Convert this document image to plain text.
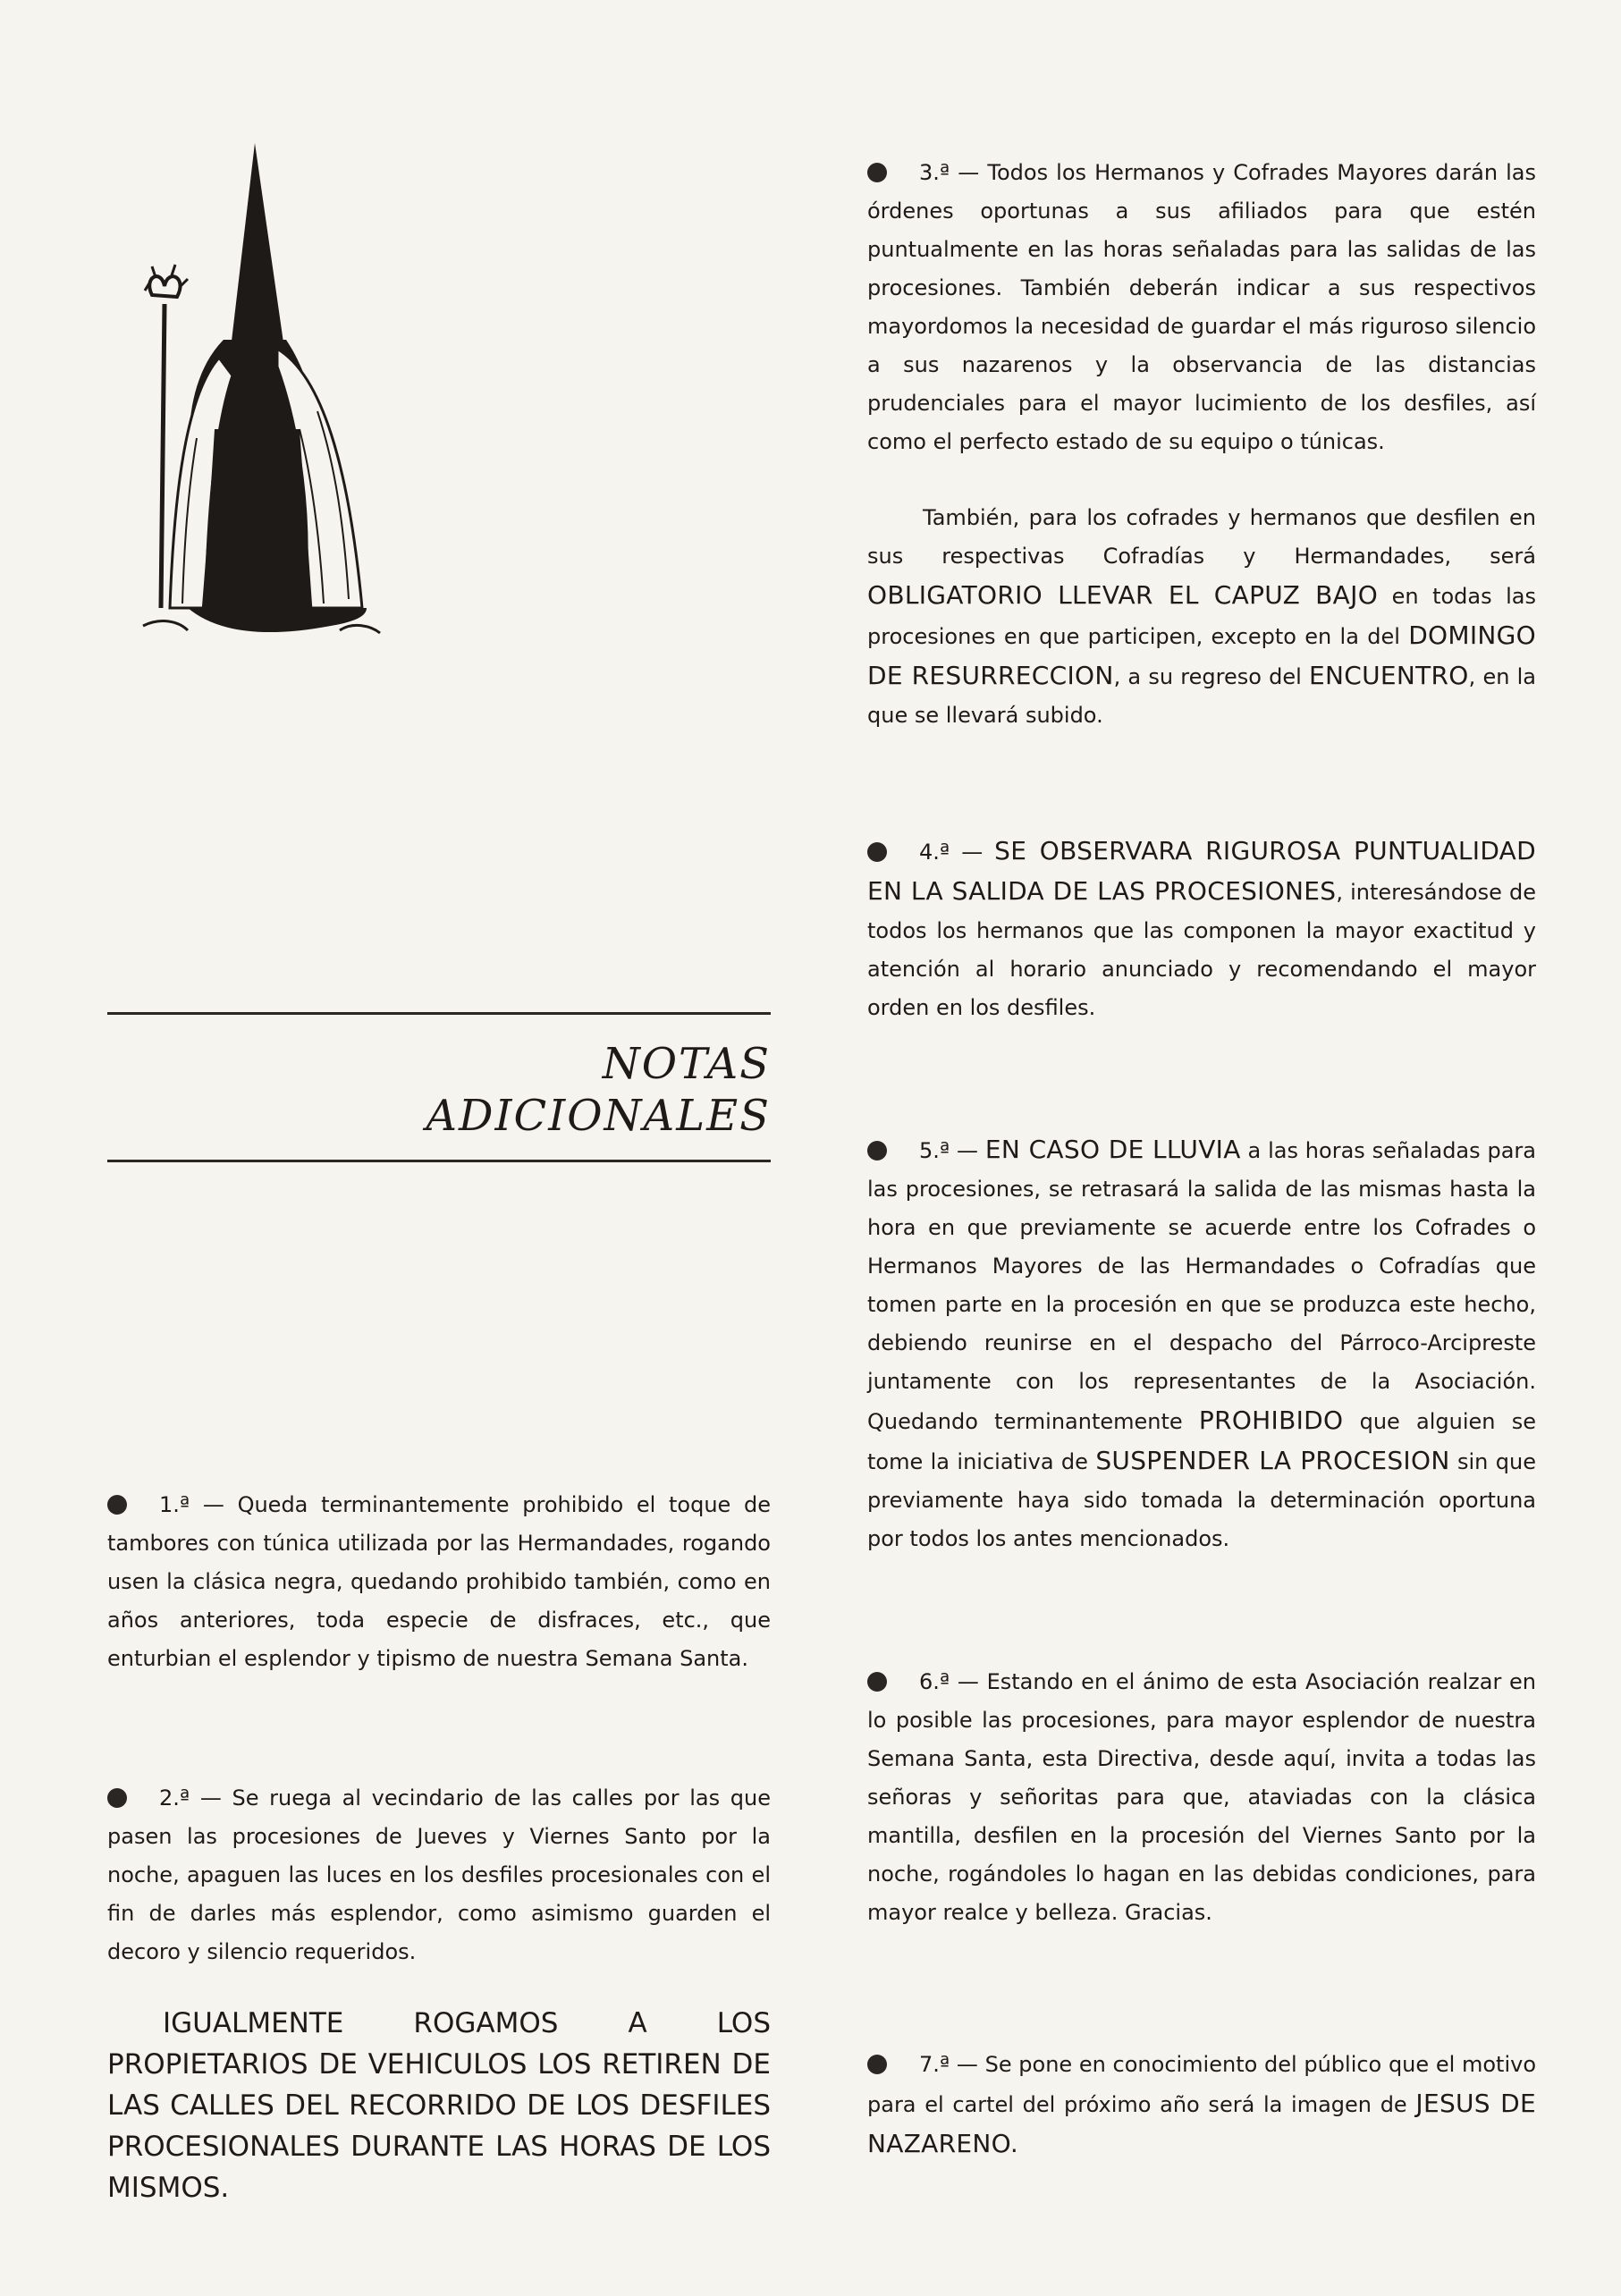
NOTAS
ADICIONALES

1.ª — Queda terminantemente prohibido el toque de tambores con túnica utilizada por las Hermandades, rogando usen la clásica negra, quedando prohibido también, como en años anteriores, toda especie de disfraces, etc., que enturbian el esplendor y tipismo de nuestra Semana Santa.

2.ª — Se ruega al vecindario de las calles por las que pasen las procesiones de Jueves y Viernes Santo por la noche, apaguen las luces en los desfiles procesionales con el fin de darles más esplendor, como asimismo guarden el decoro y silencio requeridos.

IGUALMENTE ROGAMOS A LOS PROPIETARIOS DE VEHICULOS LOS RETIREN DE LAS CALLES DEL RECORRIDO DE LOS DESFILES PROCESIONALES DURANTE LAS HORAS DE LOS MISMOS.

3.ª — Todos los Hermanos y Cofrades Mayores darán las órdenes oportunas a sus afiliados para que estén puntualmente en las horas señaladas para las salidas de las procesiones. También deberán indicar a sus respectivos mayordomos la necesidad de guardar el más riguroso silencio a sus nazarenos y la observancia de las distancias prudenciales para el mayor lucimiento de los desfiles, así como el perfecto estado de su equipo o túnicas.

También, para los cofrades y hermanos que desfilen en sus respectivas Cofradías y Hermandades, será OBLIGATORIO LLEVAR EL CAPUZ BAJO en todas las procesiones en que participen, excepto en la del DOMINGO DE RESURRECCION, a su regreso del ENCUENTRO, en la que se llevará subido.

4.ª — SE OBSERVARA RIGUROSA PUNTUALIDAD EN LA SALIDA DE LAS PROCESIONES, interesándose de todos los hermanos que las componen la mayor exactitud y atención al horario anunciado y recomendando el mayor orden en los desfiles.

5.ª — EN CASO DE LLUVIA a las horas señaladas para las procesiones, se retrasará la salida de las mismas hasta la hora en que previamente se acuerde entre los Cofrades o Hermanos Mayores de las Hermandades o Cofradías que tomen parte en la procesión en que se produzca este hecho, debiendo reunirse en el despacho del Párroco-Arcipreste juntamente con los representantes de la Asociación. Quedando terminantemente PROHIBIDO que alguien se tome la iniciativa de SUSPENDER LA PROCESION sin que previamente haya sido tomada la determinación oportuna por todos los antes mencionados.

6.ª — Estando en el ánimo de esta Asociación realzar en lo posible las procesiones, para mayor esplendor de nuestra Semana Santa, esta Directiva, desde aquí, invita a todas las señoras y señoritas para que, ataviadas con la clásica mantilla, desfilen en la procesión del Viernes Santo por la noche, rogándoles lo hagan en las debidas condiciones, para mayor realce y belleza. Gracias.

7.ª — Se pone en conocimiento del público que el motivo para el cartel del próximo año será la imagen de JESUS DE NAZARENO.
